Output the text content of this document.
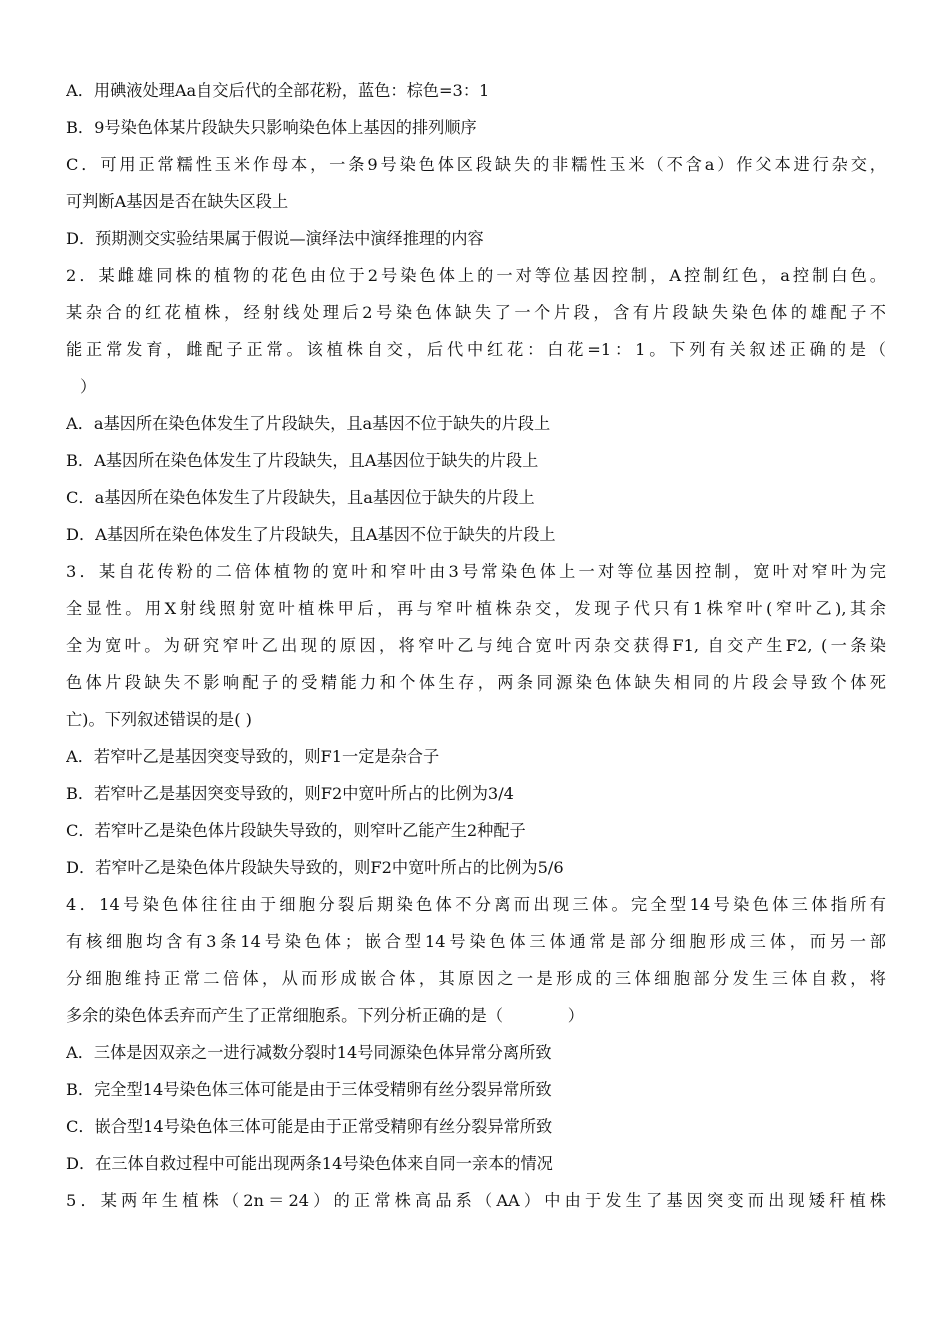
A．用碘液处理Aa自交后代的全部花粉，蓝色：棕色=3：1
B．9号染色体某片段缺失只影响染色体上基因的排列顺序
C．可用正常糯性玉米作母本，一条9号染色体区段缺失的非糯性玉米（不含a）作父本进行杂交，
可判断A基因是否在缺失区段上
D．预期测交实验结果属于假说—演绎法中演绎推理的内容
2．某雌雄同株的植物的花色由位于2号染色体上的一对等位基因控制，A控制红色，a控制白色。
某杂合的红花植株，经射线处理后2号染色体缺失了一个片段，含有片段缺失染色体的雄配子不
能正常发育，雌配子正常。该植株自交，后代中红花：白花=1：1。下列有关叙述正确的是（
）
A．a基因所在染色体发生了片段缺失，且a基因不位于缺失的片段上
B．A基因所在染色体发生了片段缺失，且A基因位于缺失的片段上
C．a基因所在染色体发生了片段缺失，且a基因位于缺失的片段上
D．A基因所在染色体发生了片段缺失，且A基因不位于缺失的片段上
3．某自花传粉的二倍体植物的宽叶和窄叶由3号常染色体上一对等位基因控制，宽叶对窄叶为完
全显性。用X射线照射宽叶植株甲后，再与窄叶植株杂交，发现子代只有1株窄叶(窄叶乙),其余
全为宽叶。为研究窄叶乙出现的原因，将窄叶乙与纯合宽叶丙杂交获得F1, 自交产生F2, (一条染
色体片段缺失不影响配子的受精能力和个体生存，两条同源染色体缺失相同的片段会导致个体死
亡)。下列叙述错误的是( )
A．若窄叶乙是基因突变导致的，则F1一定是杂合子
B．若窄叶乙是基因突变导致的，则F2中宽叶所占的比例为3/4
C．若窄叶乙是染色体片段缺失导致的，则窄叶乙能产生2种配子
D．若窄叶乙是染色体片段缺失导致的，则F2中宽叶所占的比例为5/6
4．14号染色体往往由于细胞分裂后期染色体不分离而出现三体。完全型14号染色体三体指所有
有核细胞均含有3条14号染色体；嵌合型14号染色体三体通常是部分细胞形成三体，而另一部
分细胞维持正常二倍体，从而形成嵌合体，其原因之一是形成的三体细胞部分发生三体自救，将
多余的染色体丢弃而产生了正常细胞系。下列分析正确的是（　　　　）
A．三体是因双亲之一进行减数分裂时14号同源染色体异常分离所致
B．完全型14号染色体三体可能是由于三体受精卵有丝分裂异常所致
C．嵌合型14号染色体三体可能是由于正常受精卵有丝分裂异常所致
D．在三体自救过程中可能出现两条14号染色体来自同一亲本的情况
5．某两年生植株（2n＝24）的正常株高品系（AA）中由于发生了基因突变而出现矮秆植株
